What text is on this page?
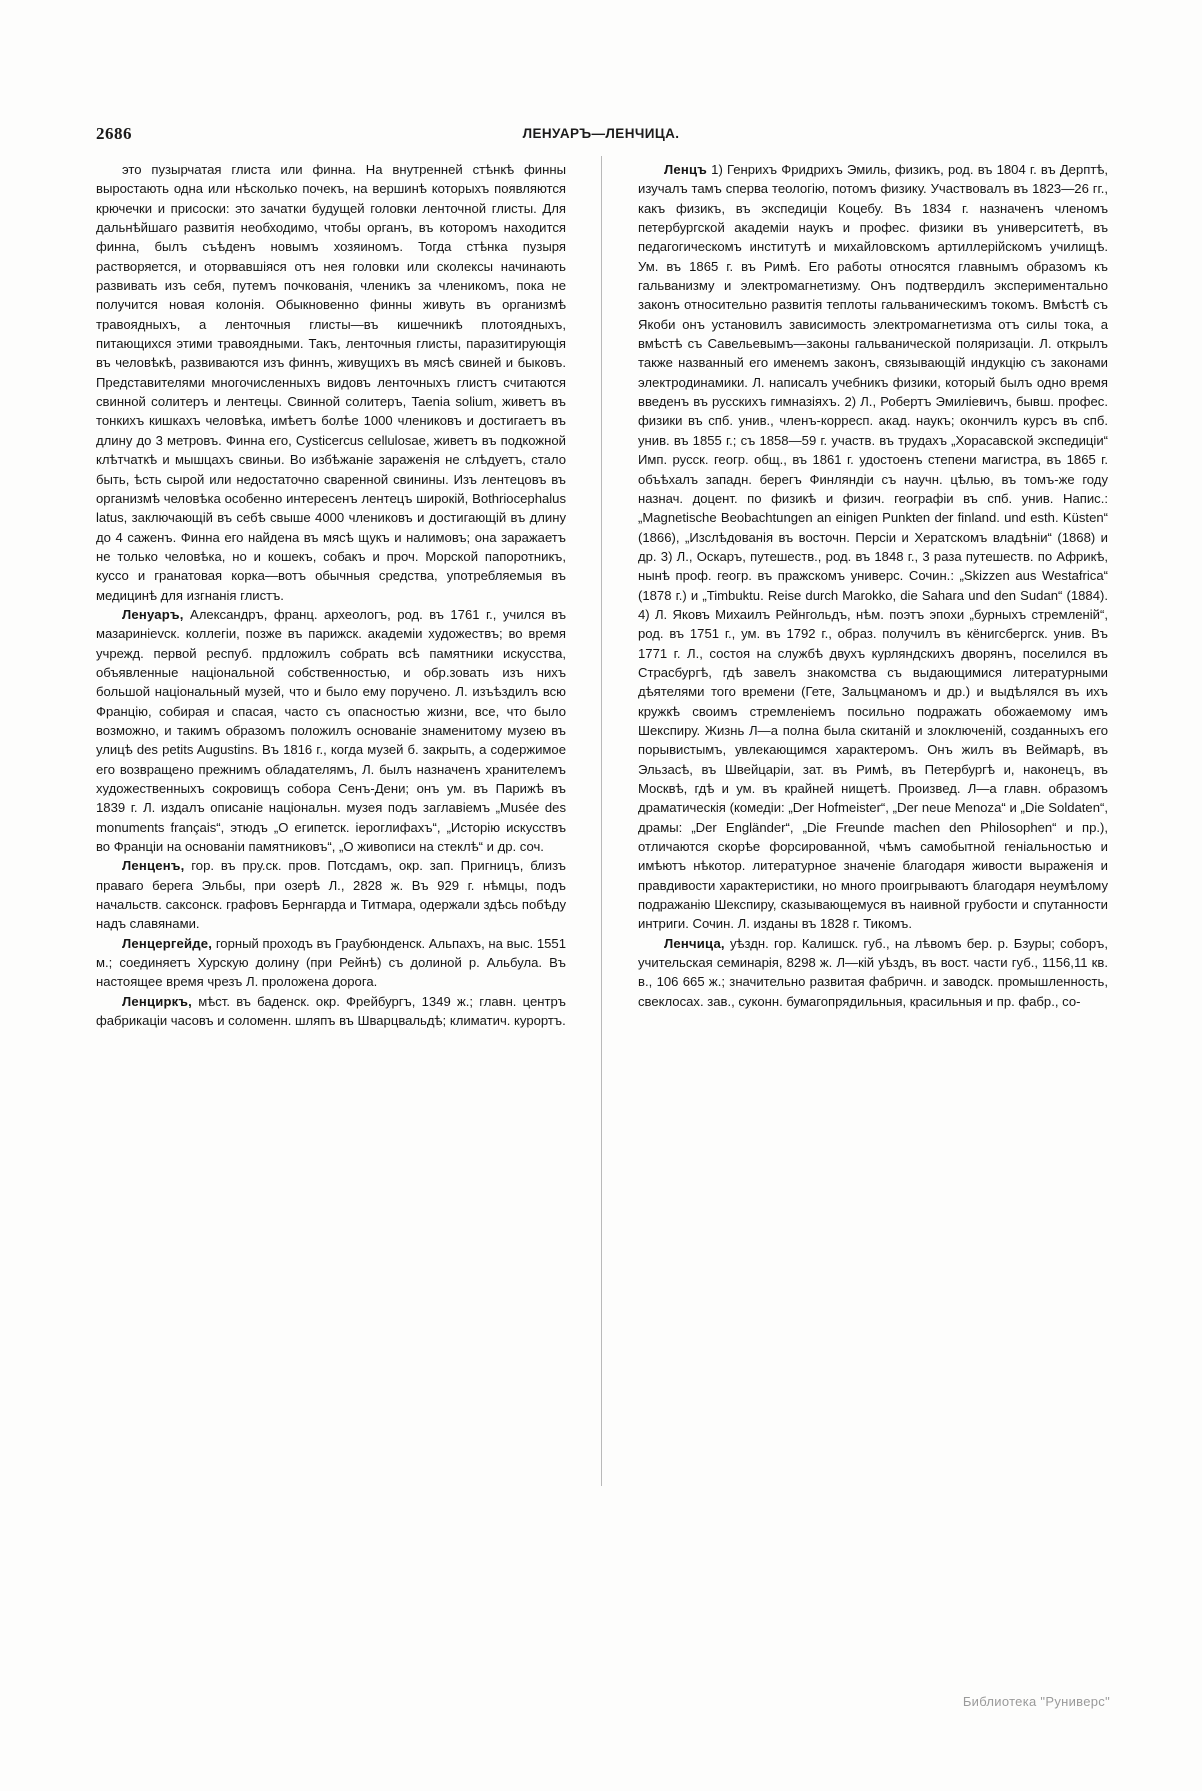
2686	ЛЕНУАРЪ—ЛЕНЧИЦА.

это пузырчатая глиста или финна. На внутренней стѣнкѣ финны выростають одна или нѣсколько почекъ, на вершинѣ которыхъ появляются крючечки и присоски: это зачатки будущей головки ленточной глисты. Для дальнѣйшаго развитія необходимо, чтобы органъ, въ которомъ находится финна, былъ съѣденъ новымъ хозяиномъ. Тогда стѣнка пузыря растворяется, и оторвавшіяся отъ нея головки или сколексы начинають развивать изъ себя, путемъ почкованія, членикъ за членикомъ, пока не получится новая колонія. Обыкновенно финны живуть въ организмѣ травоядныхъ, а ленточныя глисты—въ кишечникѣ плотоядныхъ, питающихся этими травоядными. Такъ, ленточныя глисты, паразитирующія въ человѣкѣ, развиваются изъ финнъ, живущихъ въ мясѣ свиней и быковъ. Представителями многочисленныхъ видовъ ленточныхъ глистъ считаются свинной солитеръ и лентецы. Свинной солитеръ, Taenia solium, живетъ въ тонкихъ кишкахъ человѣка, имѣетъ болѣе 1000 члениковъ и достигаетъ въ длину до 3 метровъ. Финна его, Cysticercus cellulosae, живетъ въ подкожной клѣтчаткѣ и мышцахъ свиньи. Во избѣжаніе зараженія не слѣдуетъ, стало быть, ѣсть сырой или недостаточно сваренной свинины. Изъ лентецовъ въ организмѣ человѣка особенно интересенъ лентецъ широкій, Bothriocephalus latus, заключающій въ себѣ свыше 4000 члениковъ и достигающій въ длину до 4 саженъ. Финна его найдена въ мясѣ щукъ и налимовъ; она заражаетъ не только человѣка, но и кошекъ, собакъ и проч. Морской папоротникъ, куссо и гранатовая корка—вотъ обычныя средства, употребляемыя въ медицинѣ для изгнанія глистъ.

Ленуаръ, Александръ, франц. археологъ, род. въ 1761 г., учился въ мазаринievск. коллегіи, позже въ парижск. академіи художествъ; во время учрежд. первой респуб. прдложилъ собрать всѣ памятники искусства, объявленные національной собственностью, и обр.зовать изъ нихъ большой національный музей, что и было ему поручено. Л. изъѣздилъ всю Францію, собирая и спасая, часто съ опасностью жизни, все, что было возможно, и такимъ образомъ положилъ основаніе знаменитому музею въ улицѣ des petits Augustins. Въ 1816 г., когда музей б. закрыть, а содержимое его возвращено прежнимъ обладателямъ, Л. былъ назначенъ хранителемъ художественныхъ сокровищъ собора Сенъ-Дени; онъ ум. въ Парижѣ въ 1839 г. Л. издалъ описаніе національн. музея подъ заглавіемъ „Musée des monuments français“, этюдъ „О египетск. іероглифахъ“, „Исторію искусствъ во Франціи на основаніи памятниковъ“, „О живописи на стеклѣ“ и др. соч.

Ленценъ, гор. въ пру.ск. пров. Потсдамъ, окр. зап. Пригницъ, близъ праваго берега Эльбы, при озерѣ Л., 2828 ж. Въ 929 г. нѣмцы, подъ начальств. саксонск. графовъ Бернгарда и Титмара, одержали здѣсь побѣду надъ славянами.

Ленцергейде, горный проходъ въ Граубюнденск. Альпахъ, на выс. 1551 м.; соединяетъ Хурскую долину (при Рейнѣ) съ долиной р. Альбула. Въ настоящее время чрезъ Л. проложена дорога.

Ленциркъ, мѣст. въ баденск. окр. Фрейбургъ, 1349 ж.; главн. центръ фабрикаціи часовъ и соломенн. шляпъ въ Шварцвальдѣ; климатич. курортъ.

Ленцъ 1) Генрихъ Фридрихъ Эмиль, физикъ, род. въ 1804 г. въ Дерптѣ, изучалъ тамъ сперва теологію, потомъ физику. Участвовалъ въ 1823—26 гг., какъ физикъ, въ экспедиціи Коцебу. Въ 1834 г. назначенъ членомъ петербургской академіи наукъ и профес. физики въ университетѣ, въ педагогическомъ институтѣ и михайловскомъ артиллерійскомъ училищѣ. Ум. въ 1865 г. въ Римѣ. Его работы относятся главнымъ образомъ къ гальванизму и электромагнетизму. Онъ подтвердилъ экспериментально законъ относительно развитія теплоты гальваническимъ токомъ. Вмѣстѣ съ Якоби онъ установилъ зависимость электромагнетизма отъ силы тока, а вмѣстѣ съ Савельевымъ—законы гальванической поляризаціи. Л. открылъ также названный его именемъ законъ, связывающій индукцію съ законами электродинамики. Л. написалъ учебникъ физики, который былъ одно время введенъ въ русскихъ гимназіяхъ. 2) Л., Робертъ Эмиліевичъ, бывш. профес. физики въ спб. унив., членъ-корресп. акад. наукъ; окончилъ курсъ въ спб. унив. въ 1855 г.; съ 1858—59 г. участв. въ трудахъ „Хорасавской экспедиціи“ Имп. русск. геогр. общ., въ 1861 г. удостоенъ степени магистра, въ 1865 г. объѣхалъ западн. берегъ Финляндіи съ научн. цѣлью, въ томъ-же году назнач. доцент. по физикѣ и физич. географіи въ спб. унив. Напис.: „Magnetische Beobachtungen an einigen Punkten der finland. und esth. Küsten“ (1866), „Изслѣдованія въ восточн. Персіи и Хератскомъ владѣніи“ (1868) и др. 3) Л., Оскаръ, путешеств., род. въ 1848 г., 3 раза путешеств. по Африкѣ, нынѣ проф. геогр. въ пражскомъ универс. Сочин.: „Skizzen aus Westafrica“ (1878 г.) и „Timbuktu. Reise durch Marokko, die Sahara und den Sudan“ (1884). 4) Л. Яковъ Михаилъ Рейнгольдъ, нѣм. поэтъ эпохи „бурныхъ стремленій“, род. въ 1751 г., ум. въ 1792 г., образ. получилъ въ кёнигсбергск. унив. Въ 1771 г. Л., состоя на службѣ двухъ курляндскихъ дворянъ, поселился въ Страсбургѣ, гдѣ завелъ знакомства съ выдающимися литературными дѣятелями того времени (Гете, Зальцманомъ и др.) и выдѣлялся въ ихъ кружкѣ своимъ стремленіемъ посильно подражать обожаемому имъ Шекспиру. Жизнь Л—а полна была скитаній и злоключеній, созданныхъ его порывистымъ, увлекающимся характеромъ. Онъ жилъ въ Веймарѣ, въ Эльзасѣ, въ Швейцаріи, зат. въ Римѣ, въ Петербургѣ и, наконецъ, въ Москвѣ, гдѣ и ум. въ крайней нищетѣ. Произвед. Л—а главн. образомъ драматическія (комедіи: „Der Hofmeister“, „Der neue Menoza“ и „Die Soldaten“, драмы: „Der Engländer“, „Die Freunde machen den Philosophen“ и пр.), отличаются скорѣе форсированной, чѣмъ самобытной геніальностью и имѣютъ нѣкотор. литературное значеніе благодаря живости выраженія и правдивости характеристики, но много проигрываютъ благодаря неумѣлому подражанію Шекспиру, сказывающемуся въ наивной грубости и спутанности интриги. Сочин. Л. изданы въ 1828 г. Тикомъ.

Ленчица, уѣздн. гор. Калишск. губ., на лѣвомъ бер. р. Бзуры; соборъ, учительская семинарія, 8298 ж. Л—кій уѣздъ, въ вост. части губ., 1156,11 кв. в., 106 665 ж.; значительно развитая фабричн. и заводск. промышленность, свеклосах. зав., суконн. бумагопрядильныя, красильныя и пр. фабр., со-

Библиотека "Руниверс"
